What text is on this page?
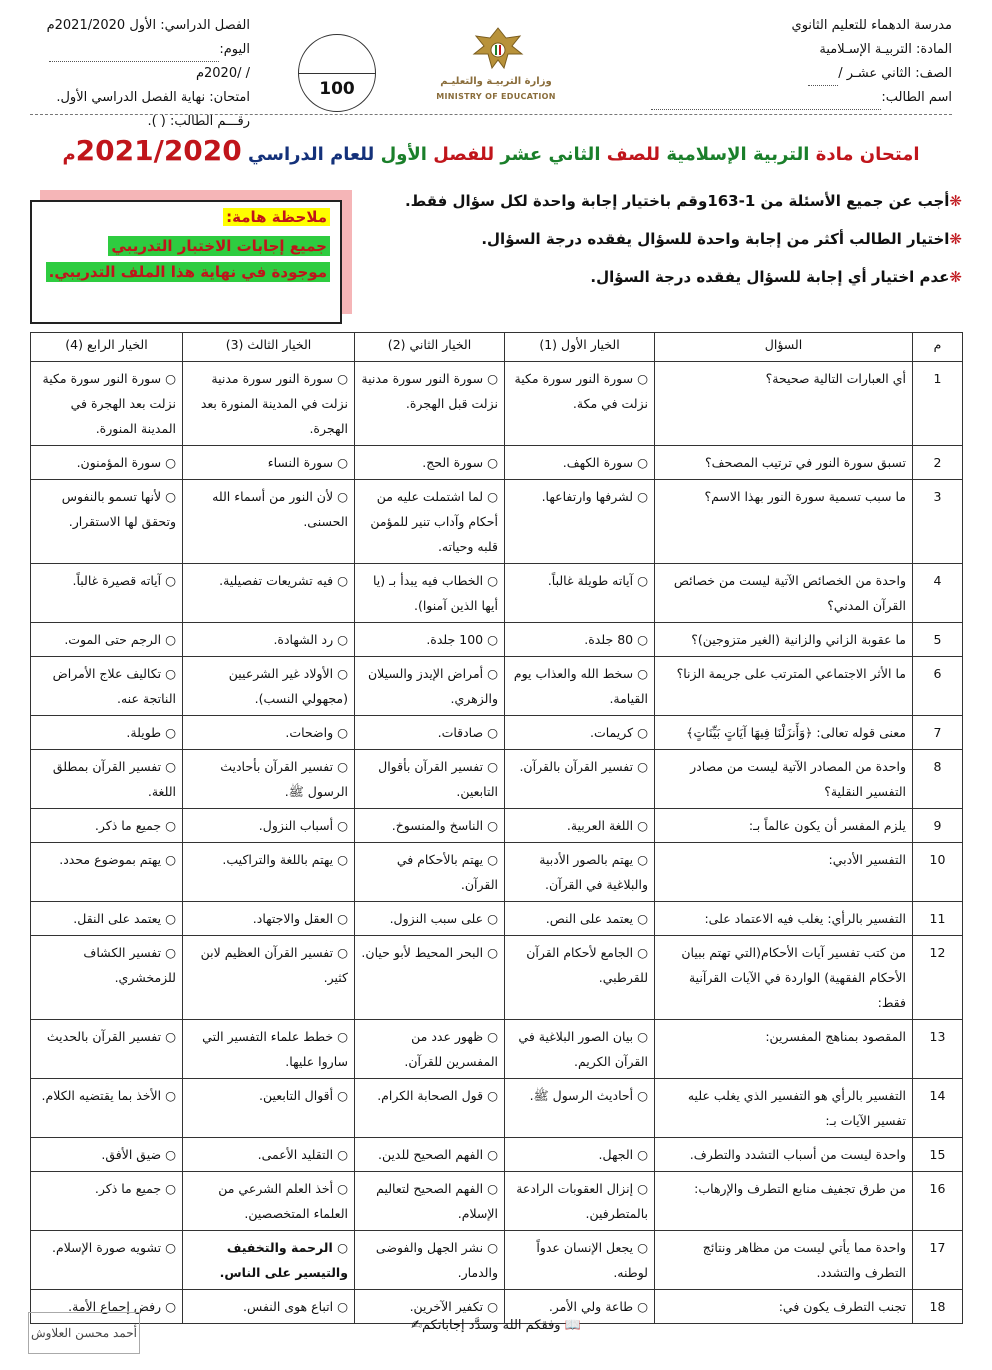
مدرسة الدهماء للتعليم الثانوي
المادة: التربيـة الإسـلامية
الصف: الثاني عشـر /
اسم الطالب:
الفصل الدراسي: الأول 2021/2020م
اليوم:
/ /2020م
امتحان: نهاية الفصل الدراسي الأول.
رقـــم الطالب: ( ).
100	وزارة التربيـة والتعليـم
MINISTRY OF EDUCATION
امتحان مادة التربية الإسلامية للصف الثاني عشر للفصل الأول للعام الدراسي 2021/2020م
❋أجب عن جميع الأسئلة من 1-163وقم باختيار إجابة واحدة لكل سؤال فقط.
❋اختيار الطالب أكثر من إجابة واحدة للسؤال يفقده درجة السؤال.
❋عدم اختيار أي إجابة للسؤال يفقده درجة السؤال.
ملاحظة هامة:
جميع إجابات الاختبار التدريبي
موجودة في نهاية هذا الملف التدريبي.
م	السؤال	الخيار الأول (1)	الخيار الثاني (2)	الخيار الثالث (3)	الخيار الرابع (4)
1	أي العبارات التالية صحيحة؟	○ سورة النور سورة مكية نزلت في مكة.	○ سورة النور سورة مدنية نزلت قبل الهجرة.	○ سورة النور سورة مدنية نزلت في المدينة المنورة بعد الهجرة.	○ سورة النور سورة مكية نزلت بعد الهجرة في المدينة المنورة.
2	تسبق سورة النور في ترتيب المصحف؟	○ سورة الكهف.	○ سورة الحج.	○ سورة النساء	○ سورة المؤمنون.
3	ما سبب تسمية سورة النور بهذا الاسم؟	○ لشرفها وارتفاعها.	○ لما اشتملت عليه من أحكام وآداب تنير للمؤمن قلبه وحياته.	○ لأن النور من أسماء الله الحسنى.	○ لأنها تسمو بالنفوس وتحقق لها الاستقرار.
4	واحدة من الخصائص الآتية ليست من خصائص القرآن المدني؟	○ آياته طويلة غالباً.	○ الخطاب فيه يبدأ بـ (يا أيها الذين آمنوا).	○ فيه تشريعات تفصيلية.	○ آياته قصيرة غالباً.
5	ما عقوبة الزاني والزانية (الغير متزوجين)؟	○ 80 جلدة.	○ 100 جلدة.	○ رد الشهادة.	○ الرجم حتى الموت.
6	ما الأثر الاجتماعي المترتب على جريمة الزنا؟	○ سخط الله والعذاب يوم القيامة.	○ أمراض الإيدز والسيلان والزهري.	○ الأولاد غير الشرعيين (مجهولي النسب).	○ تكاليف علاج الأمراض الناتجة عنه.
7	معنى قوله تعالى: ﴿وَأَنزَلْنَا فِيهَا آيَاتٍ بَيِّنَاتٍ﴾	○ كريمات.	○ صادقات.	○ واضحات.	○ طويلة.
8	واحدة من المصادر الآتية ليست من مصادر التفسير النقلية؟	○ تفسير القرآن بالقرآن.	○ تفسير القرآن بأقوال التابعين.	○ تفسير القرآن بأحاديث الرسول ﷺ.	○ تفسير القرآن بمطلق اللغة.
9	يلزم المفسر أن يكون عالماً بـ:	○ اللغة العربية.	○ الناسخ والمنسوخ.	○ أسباب النزول.	○ جميع ما ذكر.
10	التفسير الأدبي:	○ يهتم بالصور الأدبية والبلاغية في القرآن.	○ يهتم بالأحكام في القرآن.	○ يهتم باللغة والتراكيب.	○ يهتم بموضوع محدد.
11	التفسير بالرأي: يغلب فيه الاعتماد على:	○ يعتمد على النص.	○ على سبب النزول.	○ العقل والاجتهاد.	○ يعتمد على النقل.
12	من كتب تفسير آيات الأحكام(التي تهتم ببيان الأحكام الفقهية) الواردة في الآيات القرآنية فقط:	○ الجامع لأحكام القرآن للقرطبي.	○ البحر المحيط لأبو حيان.	○ تفسير القرآن العظيم لابن كثير.	○ تفسير الكشاف للزمخشري.
13	المقصود بمناهج المفسرين:	○ بيان الصور البلاغية في القرآن الكريم.	○ ظهور عدد من المفسرين للقرآن.	○ خطط علماء التفسير التي ساروا عليها.	○ تفسير القرآن بالحديث
14	التفسير بالرأي هو التفسير الذي يغلب عليه تفسير الآيات بـ:	○ أحاديث الرسول ﷺ.	○ قول الصحابة الكرام.	○ أقوال التابعين.	○ الأخذ بما يقتضيه الكلام.
15	واحدة ليست من أسباب التشدد والتطرف.	○ الجهل.	○ الفهم الصحيح للدين.	○ التقليد الأعمى.	○ ضيق الأفق.
16	من طرق تجفيف منابع التطرف والإرهاب:	○ إنزال العقوبات الرادعة بالمتطرفين.	○ الفهم الصحيح لتعاليم الإسلام.	○ أخذ العلم الشرعي من العلماء المتخصصين.	○ جميع ما ذكر.
17	واحدة مما يأتي ليست من مظاهر ونتائج التطرف والتشدد.	○ يجعل الإنسان عدواً لوطنه.	○ نشر الجهل والفوضى والدمار.	○ الرحمة والتخفيف والتيسير على الناس.	○ تشويه صورة الإسلام.
18	تجنب التطرف يكون في:	○ طاعة ولي الأمر.	○ تكفير الآخرين.	○ اتباع هوى النفس.	○ رفض إجماع الأمة.
📖 وفقكم الله وسدَّد إجاباتكم✍
أحمد محسن العلاوش
